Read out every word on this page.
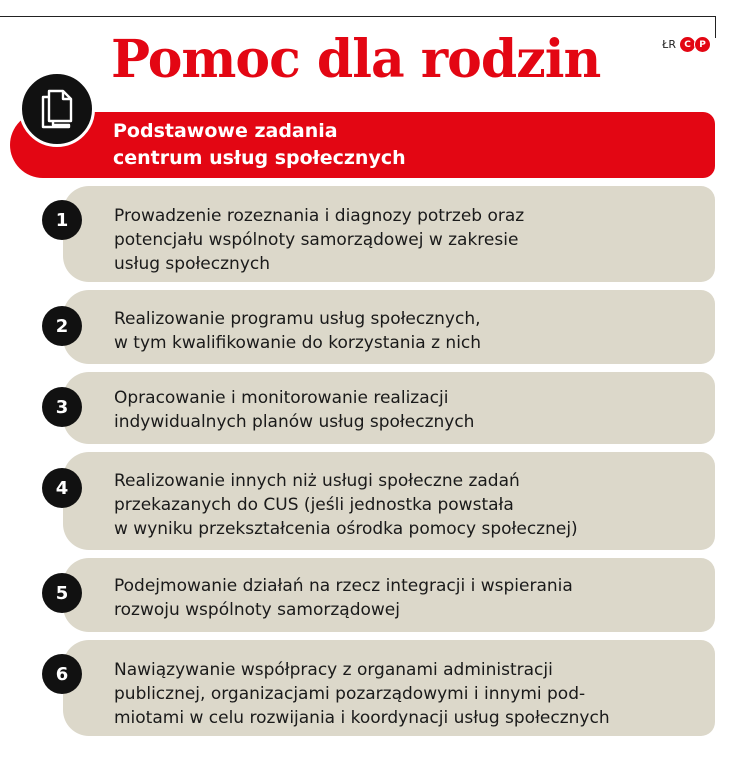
Pomoc dla rodzin	ŁR C P

Podstawowe zadania
centrum usług społecznych

1	Prowadzenie rozeznania i diagnozy potrzeb oraz
potencjału wspólnoty samorządowej w zakresie
usług społecznych

2	Realizowanie programu usług społecznych,
w tym kwalifikowanie do korzystania z nich

3	Opracowanie i monitorowanie realizacji
indywidualnych planów usług społecznych

4	Realizowanie innych niż usługi społeczne zadań
przekazanych do CUS (jeśli jednostka powstała
w wyniku przekształcenia ośrodka pomocy społecznej)

5	Podejmowanie działań na rzecz integracji i wspierania
rozwoju wspólnoty samorządowej

6	Nawiązywanie współpracy z organami administracji
publicznej, organizacjami pozarządowymi i innymi pod-
miotami w celu rozwijania i koordynacji usług społecznych
